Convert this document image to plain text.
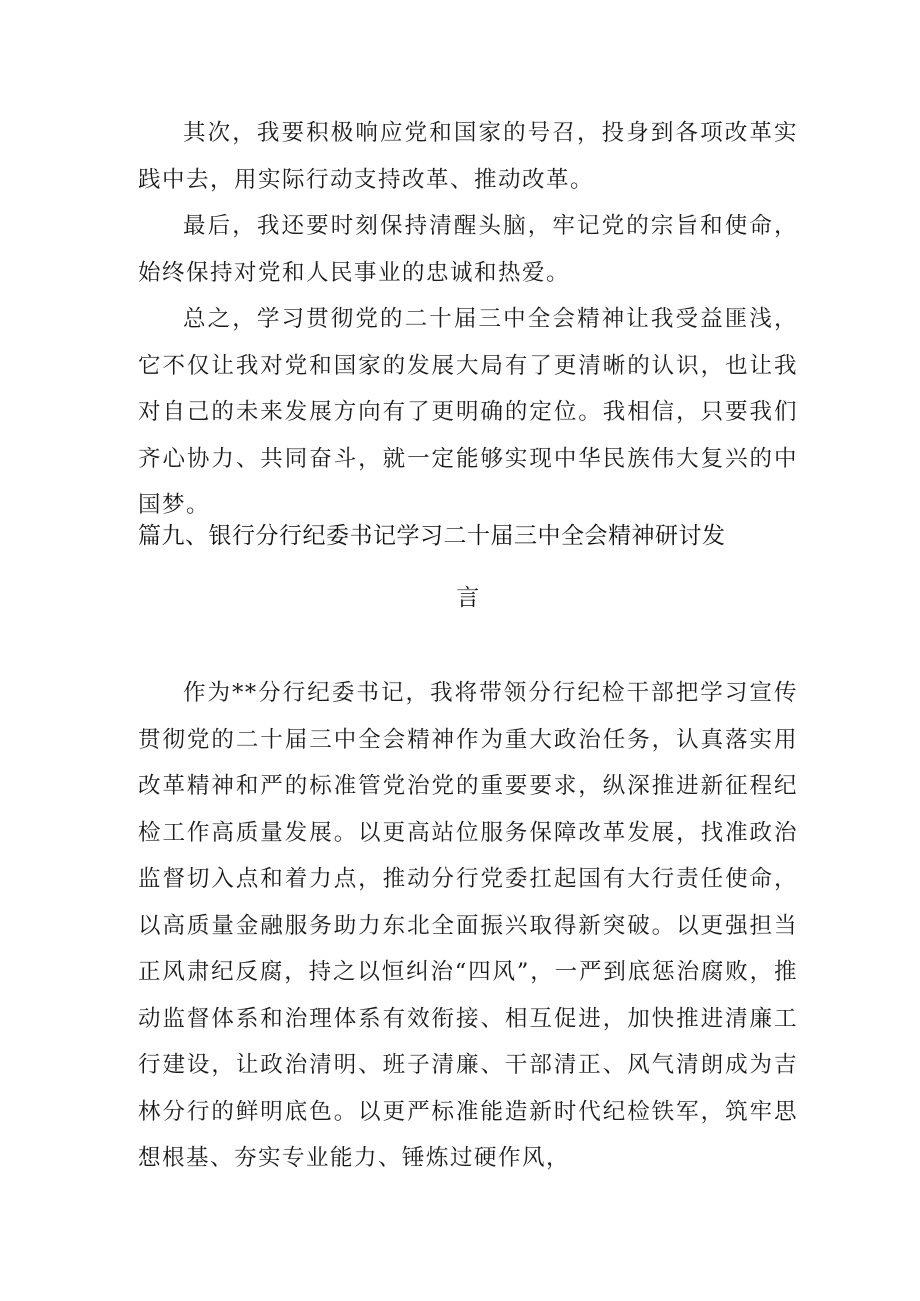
其次，我要积极响应党和国家的号召，投身到各项改革实践中去，用实际行动支持改革、推动改革。

最后，我还要时刻保持清醒头脑，牢记党的宗旨和使命，始终保持对党和人民事业的忠诚和热爱。

总之，学习贯彻党的二十届三中全会精神让我受益匪浅，它不仅让我对党和国家的发展大局有了更清晰的认识，也让我对自己的未来发展方向有了更明确的定位。我相信，只要我们齐心协力、共同奋斗，就一定能够实现中华民族伟大复兴的中国梦。

篇九、银行分行纪委书记学习二十届三中全会精神研讨发
言

作为**分行纪委书记，我将带领分行纪检干部把学习宣传贯彻党的二十届三中全会精神作为重大政治任务，认真落实用改革精神和严的标准管党治党的重要要求，纵深推进新征程纪检工作高质量发展。以更高站位服务保障改革发展，找准政治监督切入点和着力点，推动分行党委扛起国有大行责任使命，以高质量金融服务助力东北全面振兴取得新突破。以更强担当正风肃纪反腐，持之以恒纠治“四风”，一严到底惩治腐败，推动监督体系和治理体系有效衔接、相互促进，加快推进清廉工行建设，让政治清明、班子清廉、干部清正、风气清朗成为吉林分行的鲜明底色。以更严标准能造新时代纪检铁军，筑牢思想根基、夯实专业能力、锤炼过硬作风，
